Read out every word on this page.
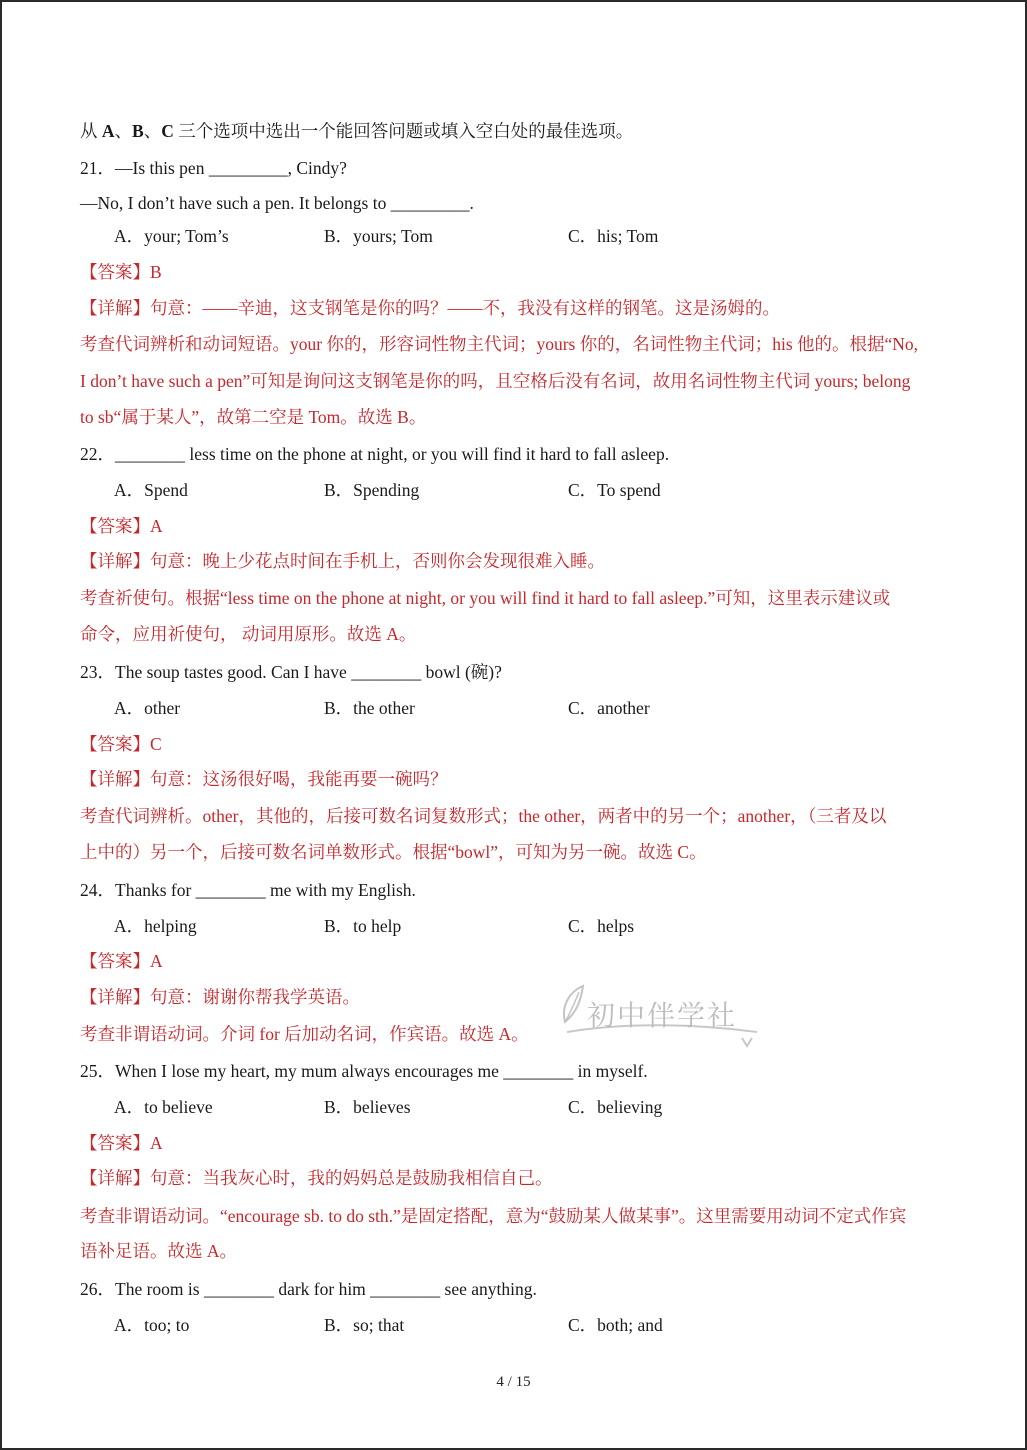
从 A、B、C 三个选项中选出一个能回答问题或填入空白处的最佳选项。
21．—Is this pen _________, Cindy?
—No, I don’t have such a pen. It belongs to _________.
A．your; Tom’s	B．yours; Tom	C．his; Tom
【答案】B
【详解】句意：——辛迪，这支钢笔是你的吗？——不，我没有这样的钢笔。这是汤姆的。
考查代词辨析和动词短语。your 你的，形容词性物主代词；yours 你的，名词性物主代词；his 他的。根据“No,
I don’t have such a pen”可知是询问这支钢笔是你的吗，且空格后没有名词，故用名词性物主代词 yours; belong
to sb“属于某人”，故第二空是 Tom。故选 B。
22．________ less time on the phone at night, or you will find it hard to fall asleep.
A．Spend	B．Spending	C．To spend
【答案】A
【详解】句意：晚上少花点时间在手机上，否则你会发现很难入睡。
考查祈使句。根据“less time on the phone at night, or you will find it hard to fall asleep.”可知，这里表示建议或
命令，应用祈使句， 动词用原形。故选 A。
23．The soup tastes good. Can I have ________ bowl (碗)?
A．other	B．the other	C．another
【答案】C
【详解】句意：这汤很好喝，我能再要一碗吗？
考查代词辨析。other，其他的，后接可数名词复数形式；the other，两者中的另一个；another，（三者及以
上中的）另一个，后接可数名词单数形式。根据“bowl”，可知为另一碗。故选 C。
24．Thanks for ________ me with my English.
A．helping	B．to help	C．helps
【答案】A
【详解】句意：谢谢你帮我学英语。
考查非谓语动词。介词 for 后加动名词，作宾语。故选 A。
25．When I lose my heart, my mum always encourages me ________ in myself.
A．to believe	B．believes	C．believing
【答案】A
【详解】句意：当我灰心时，我的妈妈总是鼓励我相信自己。
考查非谓语动词。“encourage sb. to do sth.”是固定搭配，意为“鼓励某人做某事”。这里需要用动词不定式作宾
语补足语。故选 A。
26．The room is ________ dark for him ________ see anything.
A．too; to	B．so; that	C．both; and
初中伴学社
4 / 15
